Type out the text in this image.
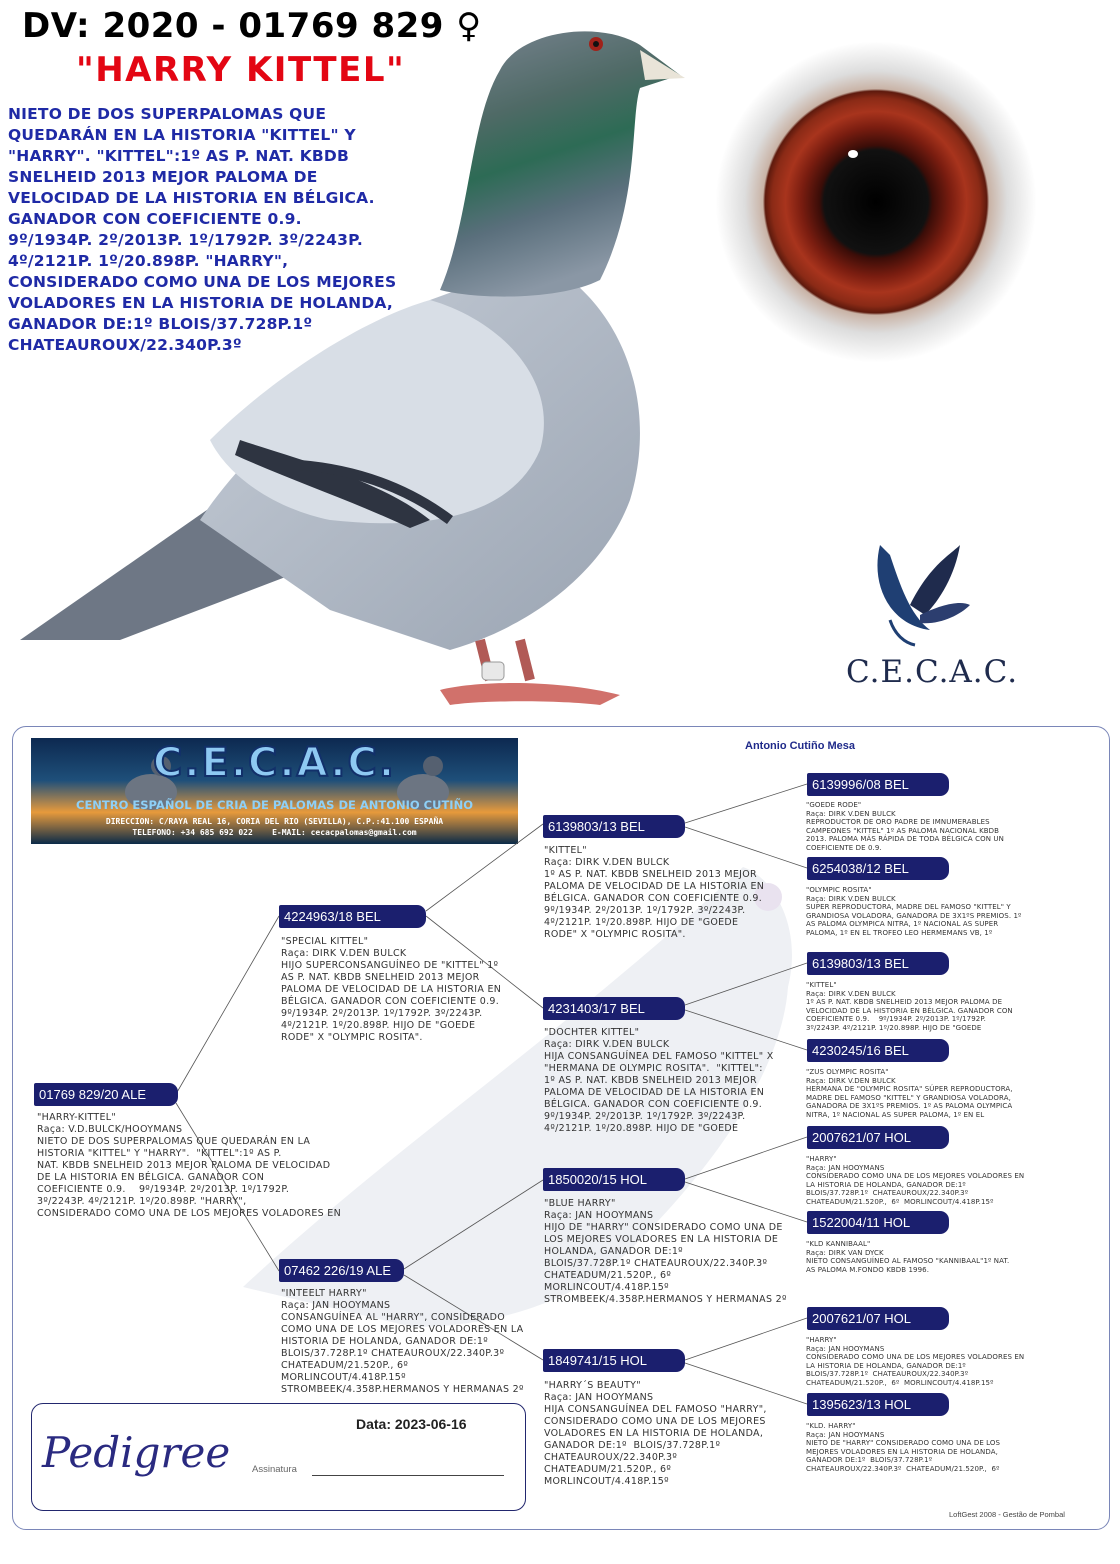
DV: 2020 - 01769 829 ♀
"HARRY KITTEL"
NIETO DE DOS SUPERPALOMAS QUE
QUEDARÁN EN LA HISTORIA "KITTEL" Y
"HARRY". "KITTEL":1º AS P. NAT. KBDB
SNELHEID 2013 MEJOR PALOMA DE
VELOCIDAD DE LA HISTORIA EN BÉLGICA.
GANADOR CON COEFICIENTE 0.9.
9º/1934P. 2º/2013P. 1º/1792P. 3º/2243P.
4º/2121P. 1º/20.898P. "HARRY",
CONSIDERADO COMO UNA DE LOS MEJORES
VOLADORES EN LA HISTORIA DE HOLANDA,
GANADOR DE:1º BLOIS/37.728P.1º
CHATEAUROUX/22.340P.3º
C.E.C.A.C.
C.E.C.A.C.
CENTRO ESPAÑOL DE CRIA DE PALOMAS DE ANTONIO CUTIÑO
DIRECCION: C/RAYA REAL 16, CORIA DEL RIO (SEVILLA), C.P.:41.100 ESPAÑA
TELEFONO: +34 685 692 022    E-MAIL: cecacpalomas@gmail.com
Antonio Cutiño Mesa
01769 829/20 ALE
"HARRY-KITTEL"
Raça: V.D.BULCK/HOOYMANS
NIETO DE DOS SUPERPALOMAS QUE QUEDARÁN EN LA
HISTORIA "KITTEL" Y "HARRY".  "KITTEL":1º AS P.
NAT. KBDB SNELHEID 2013 MEJOR PALOMA DE VELOCIDAD
DE LA HISTORIA EN BÉLGICA. GANADOR CON
COEFICIENTE 0.9.    9º/1934P. 2º/2013P. 1º/1792P.
3º/2243P. 4º/2121P. 1º/20.898P. "HARRY",
CONSIDERADO COMO UNA DE LOS MEJORES VOLADORES EN
4224963/18 BEL
"SPECIAL KITTEL"
Raça: DIRK V.DEN BULCK
HIJO SUPERCONSANGUÍNEO DE "KITTEL" 1º
AS P. NAT. KBDB SNELHEID 2013 MEJOR
PALOMA DE VELOCIDAD DE LA HISTORIA EN
BÉLGICA. GANADOR CON COEFICIENTE 0.9.
9º/1934P. 2º/2013P. 1º/1792P. 3º/2243P.
4º/2121P. 1º/20.898P. HIJO DE "GOEDE
RODE" X "OLYMPIC ROSITA".
07462 226/19 ALE
"INTEELT HARRY"
Raça: JAN HOOYMANS
CONSANGUÍNEA AL "HARRY", CONSIDERADO
COMO UNA DE LOS MEJORES VOLADORES EN LA
HISTORIA DE HOLANDA, GANADOR DE:1º
BLOIS/37.728P.1º CHATEAUROUX/22.340P.3º
CHATEADUM/21.520P., 6º
MORLINCOUT/4.418P.15º
STROMBEEK/4.358P.HERMANOS Y HERMANAS 2º
6139803/13 BEL
"KITTEL"
Raça: DIRK V.DEN BULCK
1º AS P. NAT. KBDB SNELHEID 2013 MEJOR
PALOMA DE VELOCIDAD DE LA HISTORIA EN
BÉLGICA. GANADOR CON COEFICIENTE 0.9.
9º/1934P. 2º/2013P. 1º/1792P. 3º/2243P.
4º/2121P. 1º/20.898P. HIJO DE "GOEDE
RODE" X "OLYMPIC ROSITA".
4231403/17 BEL
"DOCHTER KITTEL"
Raça: DIRK V.DEN BULCK
HIJA CONSANGUÍNEA DEL FAMOSO "KITTEL" X
"HERMANA DE OLYMPIC ROSITA".  "KITTEL":
1º AS P. NAT. KBDB SNELHEID 2013 MEJOR
PALOMA DE VELOCIDAD DE LA HISTORIA EN
BÉLGICA. GANADOR CON COEFICIENTE 0.9.
9º/1934P. 2º/2013P. 1º/1792P. 3º/2243P.
4º/2121P. 1º/20.898P. HIJO DE "GOEDE
1850020/15 HOL
"BLUE HARRY"
Raça: JAN HOOYMANS
HIJO DE "HARRY" CONSIDERADO COMO UNA DE
LOS MEJORES VOLADORES EN LA HISTORIA DE
HOLANDA, GANADOR DE:1º
BLOIS/37.728P.1º CHATEAUROUX/22.340P.3º
CHATEADUM/21.520P., 6º
MORLINCOUT/4.418P.15º
STROMBEEK/4.358P.HERMANOS Y HERMANAS 2º
1849741/15 HOL
"HARRY´S BEAUTY"
Raça: JAN HOOYMANS
HIJA CONSANGUÍNEA DEL FAMOSO "HARRY",
CONSIDERADO COMO UNA DE LOS MEJORES
VOLADORES EN LA HISTORIA DE HOLANDA,
GANADOR DE:1º  BLOIS/37.728P.1º
CHATEAUROUX/22.340P.3º
CHATEADUM/21.520P., 6º
MORLINCOUT/4.418P.15º
6139996/08 BEL
"GOEDE RODE"
Raça: DIRK V.DEN BULCK
REPRODUCTOR DE ORO PADRE DE IMNUMERABLES
CAMPEONES "KITTEL" 1º AS PALOMA NACIONAL KBDB
2013. PALOMA MÁS RÁPIDA DE TODA BÉLGICA CON UN
COEFICIENTE DE 0.9.
6254038/12 BEL
"OLYMPIC ROSITA"
Raça: DIRK V.DEN BULCK
SUPER REPRODUCTORA, MADRE DEL FAMOSO "KITTEL" Y
GRANDIOSA VOLADORA, GANADORA DE 3X1ºS PREMIOS. 1º
AS PALOMA OLYMPICA NITRA, 1º NACIONAL AS SUPER
PALOMA, 1º EN EL TROFEO LEO HERMEMANS VB, 1º
6139803/13 BEL
"KITTEL"
Raça: DIRK V.DEN BULCK
1º AS P. NAT. KBDB SNELHEID 2013 MEJOR PALOMA DE
VELOCIDAD DE LA HISTORIA EN BÉLGICA. GANADOR CON
COEFICIENTE 0.9.    9º/1934P. 2º/2013P. 1º/1792P.
3º/2243P. 4º/2121P. 1º/20.898P. HIJO DE "GOEDE
4230245/16 BEL
"ZUS OLYMPIC ROSITA"
Raça: DIRK V.DEN BULCK
HERMANA DE "OLYMPIC ROSITA" SÚPER REPRODUCTORA,
MADRE DEL FAMOSO "KITTEL" Y GRANDIOSA VOLADORA,
GANADORA DE 3X1ºS PREMIOS. 1º AS PALOMA OLYMPICA
NITRA, 1º NACIONAL AS SUPER PALOMA, 1º EN EL
2007621/07 HOL
"HARRY"
Raça: JAN HOOYMANS
CONSIDERADO COMO UNA DE LOS MEJORES VOLADORES EN
LA HISTORIA DE HOLANDA, GANADOR DE:1º
BLOIS/37.728P.1º  CHATEAUROUX/22.340P.3º
CHATEADUM/21.520P.,  6º  MORLINCOUT/4.418P.15º
1522004/11 HOL
"KLD KANNIBAAL"
Raça: DIRK VAN DYCK
NIETO CONSANGUÍNEO AL FAMOSO "KANNIBAAL"1º NAT.
AS PALOMA M.FONDO KBDB 1996.
2007621/07 HOL
"HARRY"
Raça: JAN HOOYMANS
CONSIDERADO COMO UNA DE LOS MEJORES VOLADORES EN
LA HISTORIA DE HOLANDA, GANADOR DE:1º
BLOIS/37.728P.1º  CHATEAUROUX/22.340P.3º
CHATEADUM/21.520P.,  6º  MORLINCOUT/4.418P.15º
1395623/13 HOL
"KLD. HARRY"
Raça: JAN HOOYMANS
NIETO DE "HARRY" CONSIDERADO COMO UNA DE LOS
MEJORES VOLADORES EN LA HISTORIA DE HOLANDA,
GANADOR DE:1º  BLOIS/37.728P.1º
CHATEAUROUX/22.340P.3º  CHATEADUM/21.520P.,  6º
Pedigree
Data: 2023-06-16
Assinatura
LoftGest 2008 - Gestão de Pombal
